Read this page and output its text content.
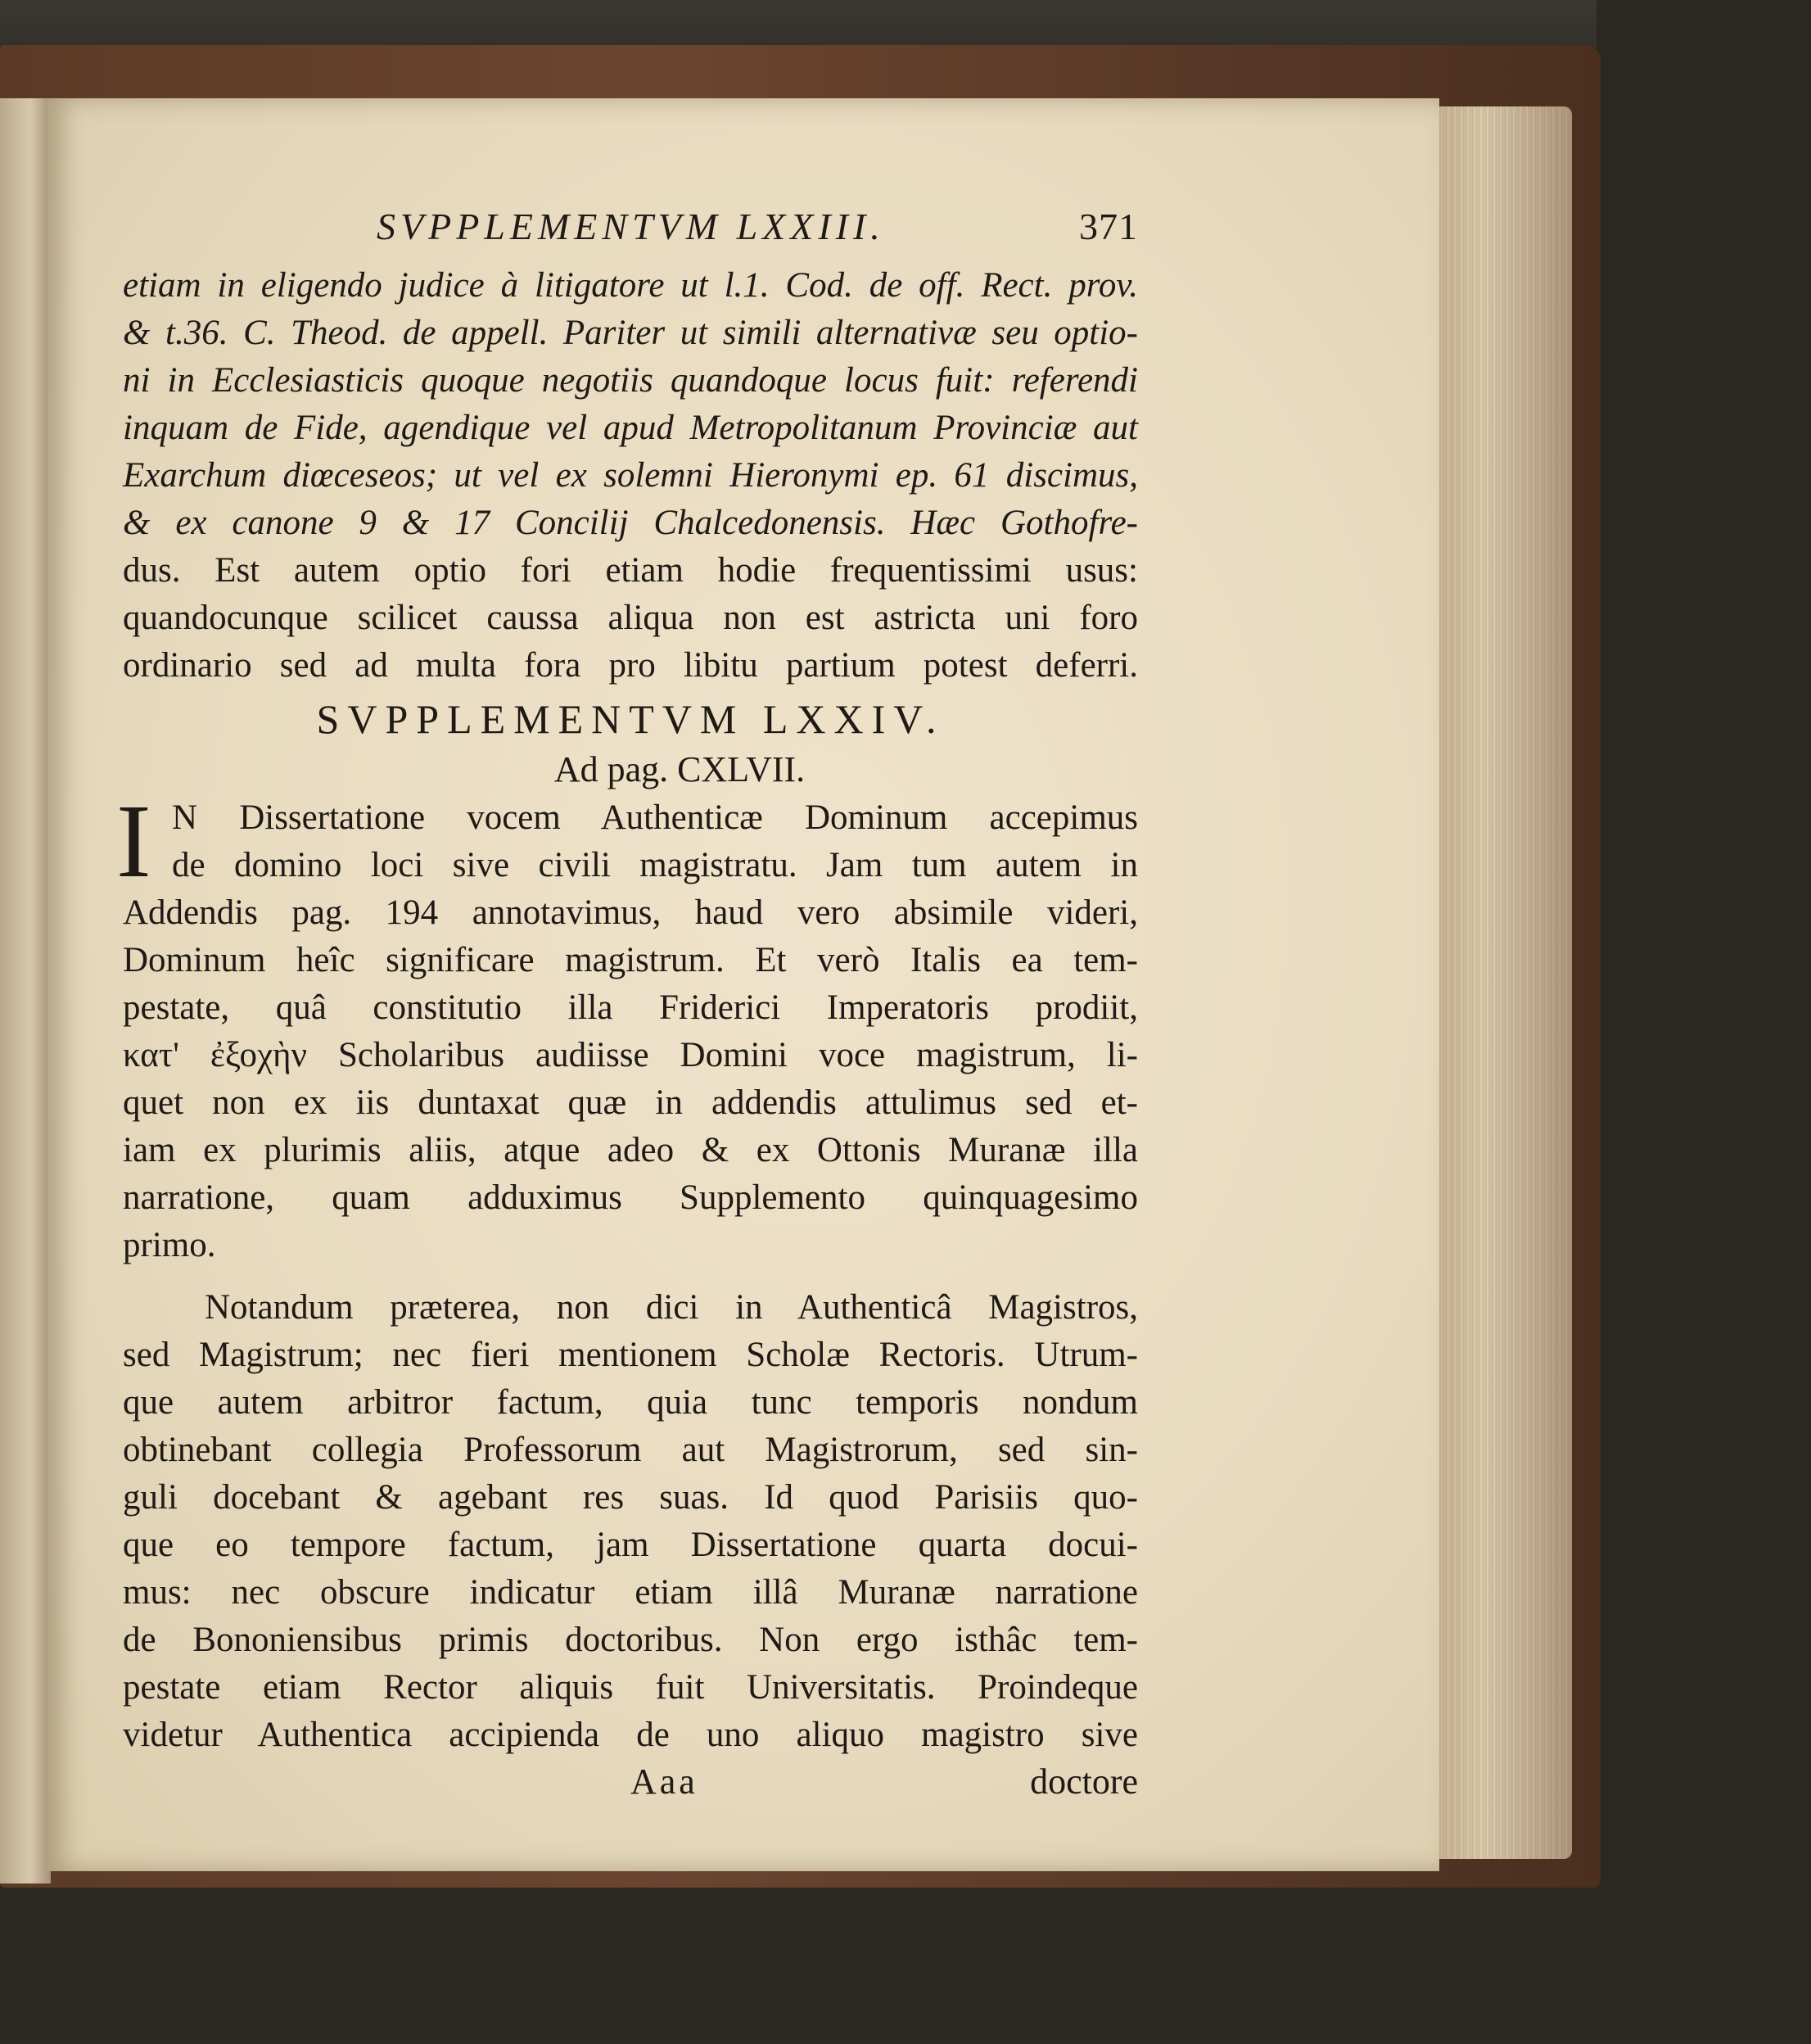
SVPPLEMENTVM LXXIII.	371
etiam in eligendo judice à litigatore ut l.1. Cod. de off. Rect. prov.
& t.36. C. Theod. de appell. Pariter ut simili alternativæ seu optio-
ni in Ecclesiasticis quoque negotiis quandoque locus fuit: referendi
inquam de Fide, agendique vel apud Metropolitanum Provinciæ aut
Exarchum diœceseos; ut vel ex solemni Hieronymi ep. 61 discimus,
& ex canone 9 & 17 Concilij Chalcedonensis. Hæc Gothofre-
dus. Est autem optio fori etiam hodie frequentissimi usus:
quandocunque scilicet caussa aliqua non est astricta uni foro
ordinario sed ad multa fora pro libitu partium potest deferri.
SVPPLEMENTVM LXXIV.
Ad pag. CXLVII.
I N Dissertatione vocem Authenticæ Dominum accepimus
de domino loci sive civili magistratu. Jam tum autem in
Addendis pag. 194 annotavimus, haud vero absimile videri,
Dominum heîc significare magistrum. Et verò Italis ea tem-
pestate, quâ constitutio illa Friderici Imperatoris prodiit,
κατ' ἐξοχὴν Scholaribus audiisse Domini voce magistrum, li-
quet non ex iis duntaxat quæ in addendis attulimus sed et-
iam ex plurimis aliis, atque adeo & ex Ottonis Muranæ illa
narratione, quam adduximus Supplemento quinquagesimo
primo.
Notandum præterea, non dici in Authenticâ Magistros,
sed Magistrum; nec fieri mentionem Scholæ Rectoris. Utrum-
que autem arbitror factum, quia tunc temporis nondum
obtinebant collegia Professorum aut Magistrorum, sed sin-
guli docebant & agebant res suas. Id quod Parisiis quo-
que eo tempore factum, jam Dissertatione quarta docui-
mus: nec obscure indicatur etiam illâ Muranæ narratione
de Bononiensibus primis doctoribus. Non ergo isthâc tem-
pestate etiam Rector aliquis fuit Universitatis. Proindeque
videtur Authentica accipienda de uno aliquo magistro sive
Aaa	doctore
